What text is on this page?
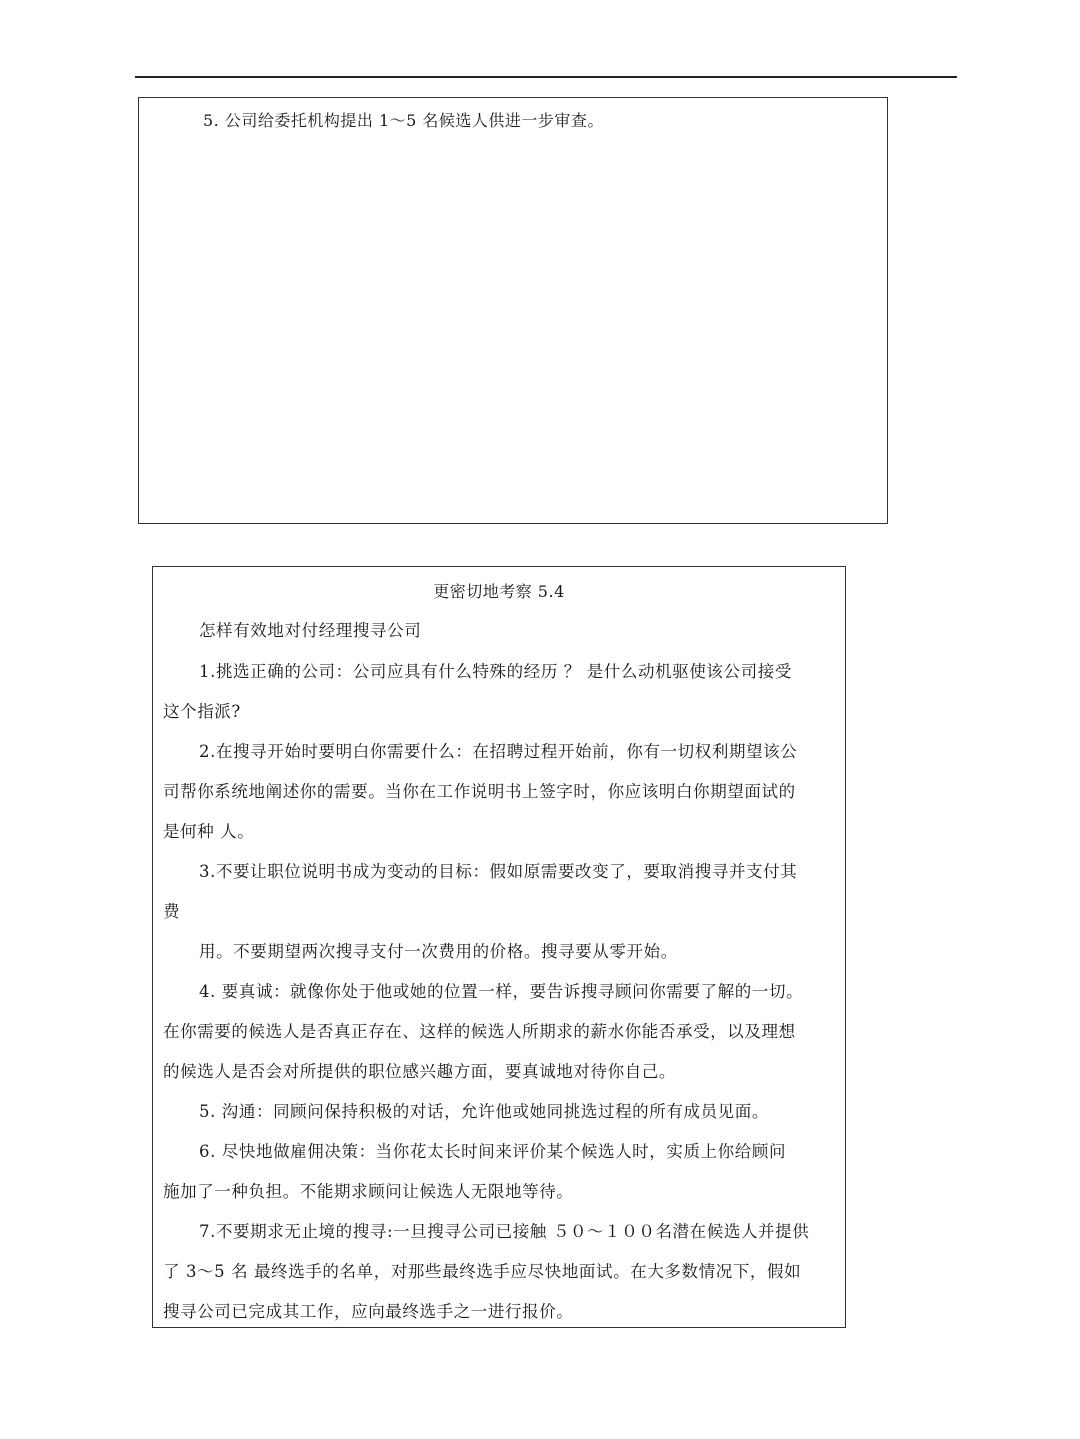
5. 公司给委托机构提出 1～5 名候选人供进一步审查。
更密切地考察 5.4
怎样有效地对付经理搜寻公司
1.挑选正确的公司：公司应具有什么特殊的经历 ？ 是什么动机驱使该公司接受
这个指派?
2.在搜寻开始时要明白你需要什么：在招聘过程开始前，你有一切权利期望该公
司帮你系统地阐述你的需要。当你在工作说明书上签字时，你应该明白你期望面试的
是何种 人。
3.不要让职位说明书成为变动的目标：假如原需要改变了，要取消搜寻并支付其
费
用。不要期望两次搜寻支付一次费用的价格。搜寻要从零开始。
4. 要真诚：就像你处于他或她的位置一样，要告诉搜寻顾问你需要了解的一切。
在你需要的候选人是否真正存在、这样的候选人所期求的薪水你能否承受，以及理想
的候选人是否会对所提供的职位感兴趣方面，要真诚地对待你自己。
5. 沟通：同顾问保持积极的对话，允许他或她同挑选过程的所有成员见面。
6. 尽快地做雇佣决策：当你花太长时间来评价某个候选人时，实质上你给顾问
施加了一种负担。不能期求顾问让候选人无限地等待。
7.不要期求无止境的搜寻:一旦搜寻公司已接触 ５０～１００名潜在候选人并提供
了 3～5 名 最终选手的名单，对那些最终选手应尽快地面试。在大多数情况下，假如
搜寻公司已完成其工作，应向最终选手之一进行报价。
